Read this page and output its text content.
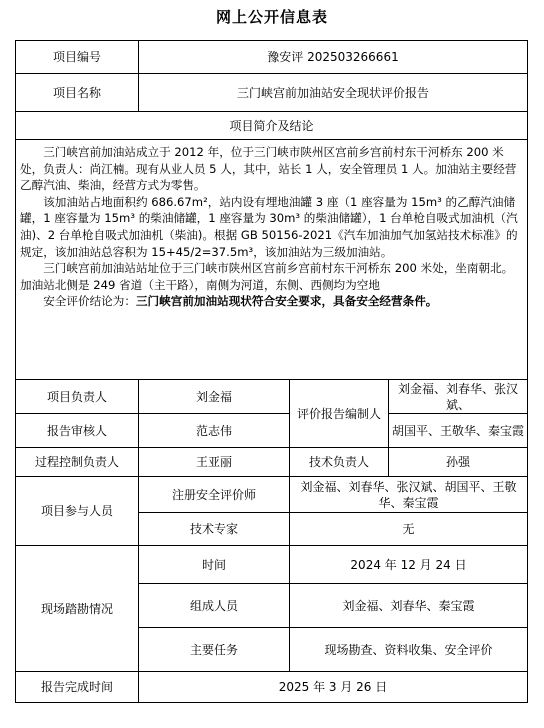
网上公开信息表
项目编号	豫安评 202503266661		
项目名称	三门峡宫前加油站安全现状评价报告		
项目简介及结论			

三门峡宫前加油站成立于 2012 年，位于三门峡市陕州区宫前乡宫前村东干河桥东 200 米处，负责人：尚江楠。现有从业人员 5 人，其中，站长 1 人，安全管理员 1 人。加油站主要经营乙醇汽油、柴油，经营方式为零售。

该加油站占地面积约 686.67m²，站内设有埋地油罐 3 座（1 座容量为 15m³ 的乙醇汽油储罐，1 座容量为 15m³ 的柴油储罐，1 座容量为 30m³ 的柴油储罐），1 台单枪自吸式加油机（汽油)、2 台单枪自吸式加油机（柴油)。根据 GB 50156-2021《汽车加油加气加氢站技术标准》的规定，该加油站总容积为 15+45/2=37.5m³，该加油站为三级加油站。

三门峡宫前加油站站址位于三门峡市陕州区宫前乡宫前村东干河桥东 200 米处，坐南朝北。加油站北侧是 249 省道（主干路），南侧为河道，东侧、西侧均为空地

安全评价结论为：三门峡宫前加油站现状符合安全要求，具备安全经营条件。			

项目负责人	刘金福	评价报告编制人	刘金福、刘春华、张汉斌、
报告审核人	范志伟		胡国平、王敬华、秦宝霞
过程控制负责人	王亚丽	技术负责人	孙强
项目参与人员	注册安全评价师	刘金福、刘春华、张汉斌、胡国平、王敬华、秦宝霞	
	技术专家	无	
现场踏勘情况	时间	2024 年 12 月 24 日	
	组成人员	刘金福、刘春华、秦宝霞	
	主要任务	现场勘查、资料收集、安全评价	
报告完成时间	2025 年 3 月 26 日		
